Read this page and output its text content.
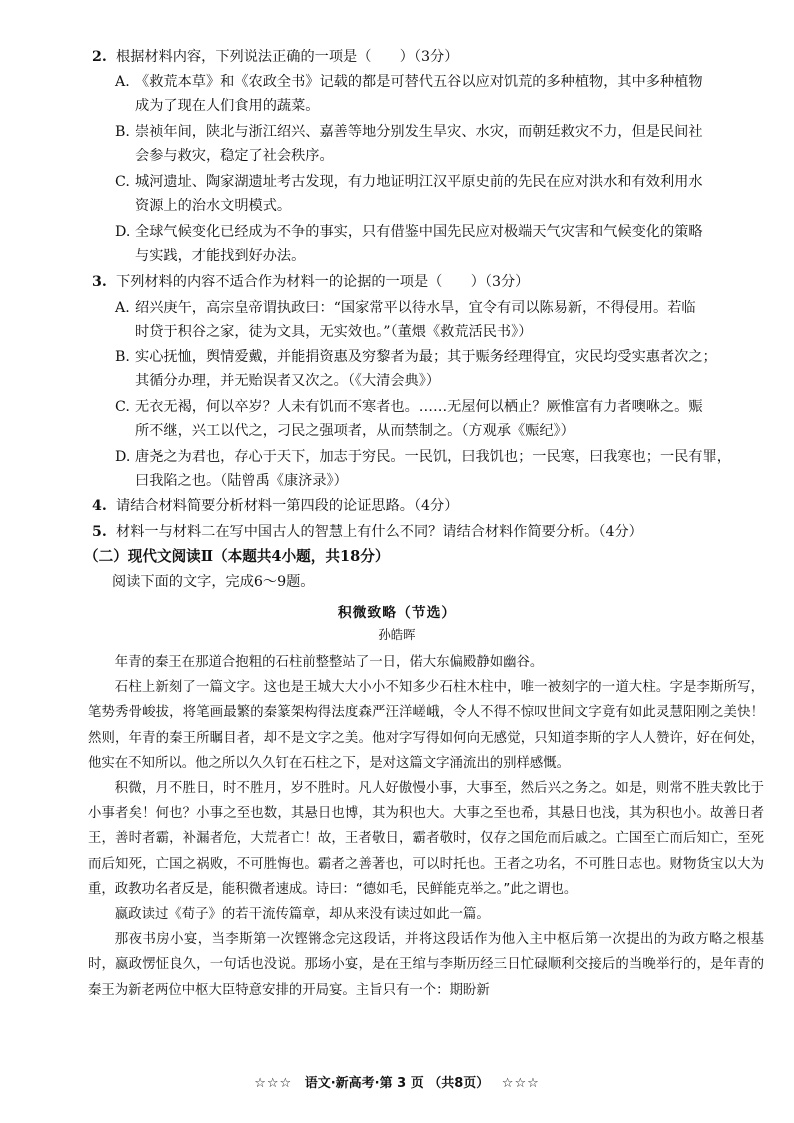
2. 根据材料内容，下列说法正确的一项是（　　）（3分）
A. 《救荒本草》和《农政全书》记载的都是可替代五谷以应对饥荒的多种植物，其中多种植物
成为了现在人们食用的蔬菜。
B. 崇祯年间，陕北与浙江绍兴、嘉善等地分别发生旱灾、水灾，而朝廷救灾不力，但是民间社
会参与救灾，稳定了社会秩序。
C. 城河遗址、陶家湖遗址考古发现，有力地证明江汉平原史前的先民在应对洪水和有效利用水
资源上的治水文明模式。
D. 全球气候变化已经成为不争的事实，只有借鉴中国先民应对极端天气灾害和气候变化的策略
与实践，才能找到好办法。
3. 下列材料的内容不适合作为材料一的论据的一项是（　　）（3分）
A. 绍兴庚午，高宗皇帝谓执政曰：“国家常平以待水旱，宜令有司以陈易新，不得侵用。若临
时贷于积谷之家，徒为文具，无实效也。”（董煨《救荒活民书》）
B. 实心抚恤，舆情爱戴，并能捐资惠及穷黎者为最；其于赈务经理得宜，灾民均受实惠者次之；
其循分办理，并无贻误者又次之。（《大清会典》）
C. 无衣无褐，何以卒岁？人未有饥而不寒者也。……无屋何以栖止？厥惟富有力者噢咻之。赈
所不继，兴工以代之，刁民之强项者，从而禁制之。（方观承《赈纪》）
D. 唐尧之为君也，存心于天下，加志于穷民。一民饥，曰我饥也；一民寒，曰我寒也；一民有罪，
曰我陷之也。（陆曾禹《康济录》）
4. 请结合材料简要分析材料一第四段的论证思路。（4分）
5. 材料一与材料二在写中国古人的智慧上有什么不同？请结合材料作简要分析。（4分）
（二）现代文阅读Ⅱ（本题共4小题，共18分）
阅读下面的文字，完成6～9题。
积微致略（节选）
孙皓晖

年青的秦王在那道合抱粗的石柱前整整站了一日，偌大东偏殿静如幽谷。

石柱上新刻了一篇文字。这也是王城大大小小不知多少石柱木柱中，唯一被刻字的一道大柱。字是李斯所写，笔势秀骨峻拔，将笔画最繁的秦篆架构得法度森严汪洋嵯峨，令人不得不惊叹世间文字竟有如此灵慧阳刚之美快！然则，年青的秦王所瞩目者，却不是文字之美。他对字写得如何向无感觉，只知道李斯的字人人赞许，好在何处，他实在不知所以。他之所以久久钉在石柱之下，是对这篇文字涌流出的别样感慨。

积微，月不胜日，时不胜月，岁不胜时。凡人好傲慢小事，大事至，然后兴之务之。如是，则常不胜夫敦比于小事者矣！何也？小事之至也数，其悬日也博，其为积也大。大事之至也希，其悬日也浅，其为积也小。故善日者王，善时者霸，补漏者危，大荒者亡！故，王者敬日，霸者敬时，仅存之国危而后戚之。亡国至亡而后知亡，至死而后知死，亡国之祸败，不可胜悔也。霸者之善著也，可以时托也。王者之功名，不可胜日志也。财物货宝以大为重，政教功名者反是，能积微者速成。诗曰：“德如毛，民鲜能克举之。”此之谓也。

嬴政读过《荀子》的若干流传篇章，却从来没有读过如此一篇。

那夜书房小宴，当李斯第一次铿锵念完这段话，并将这段话作为他入主中枢后第一次提出的为政方略之根基时，嬴政愣怔良久，一句话也没说。那场小宴，是在王绾与李斯历经三日忙碌顺利交接后的当晚举行的，是年青的秦王为新老两位中枢大臣特意安排的开局宴。主旨只有一个：期盼新

☆☆☆ 语文·新高考·第 3 页 （共8页） ☆☆☆
